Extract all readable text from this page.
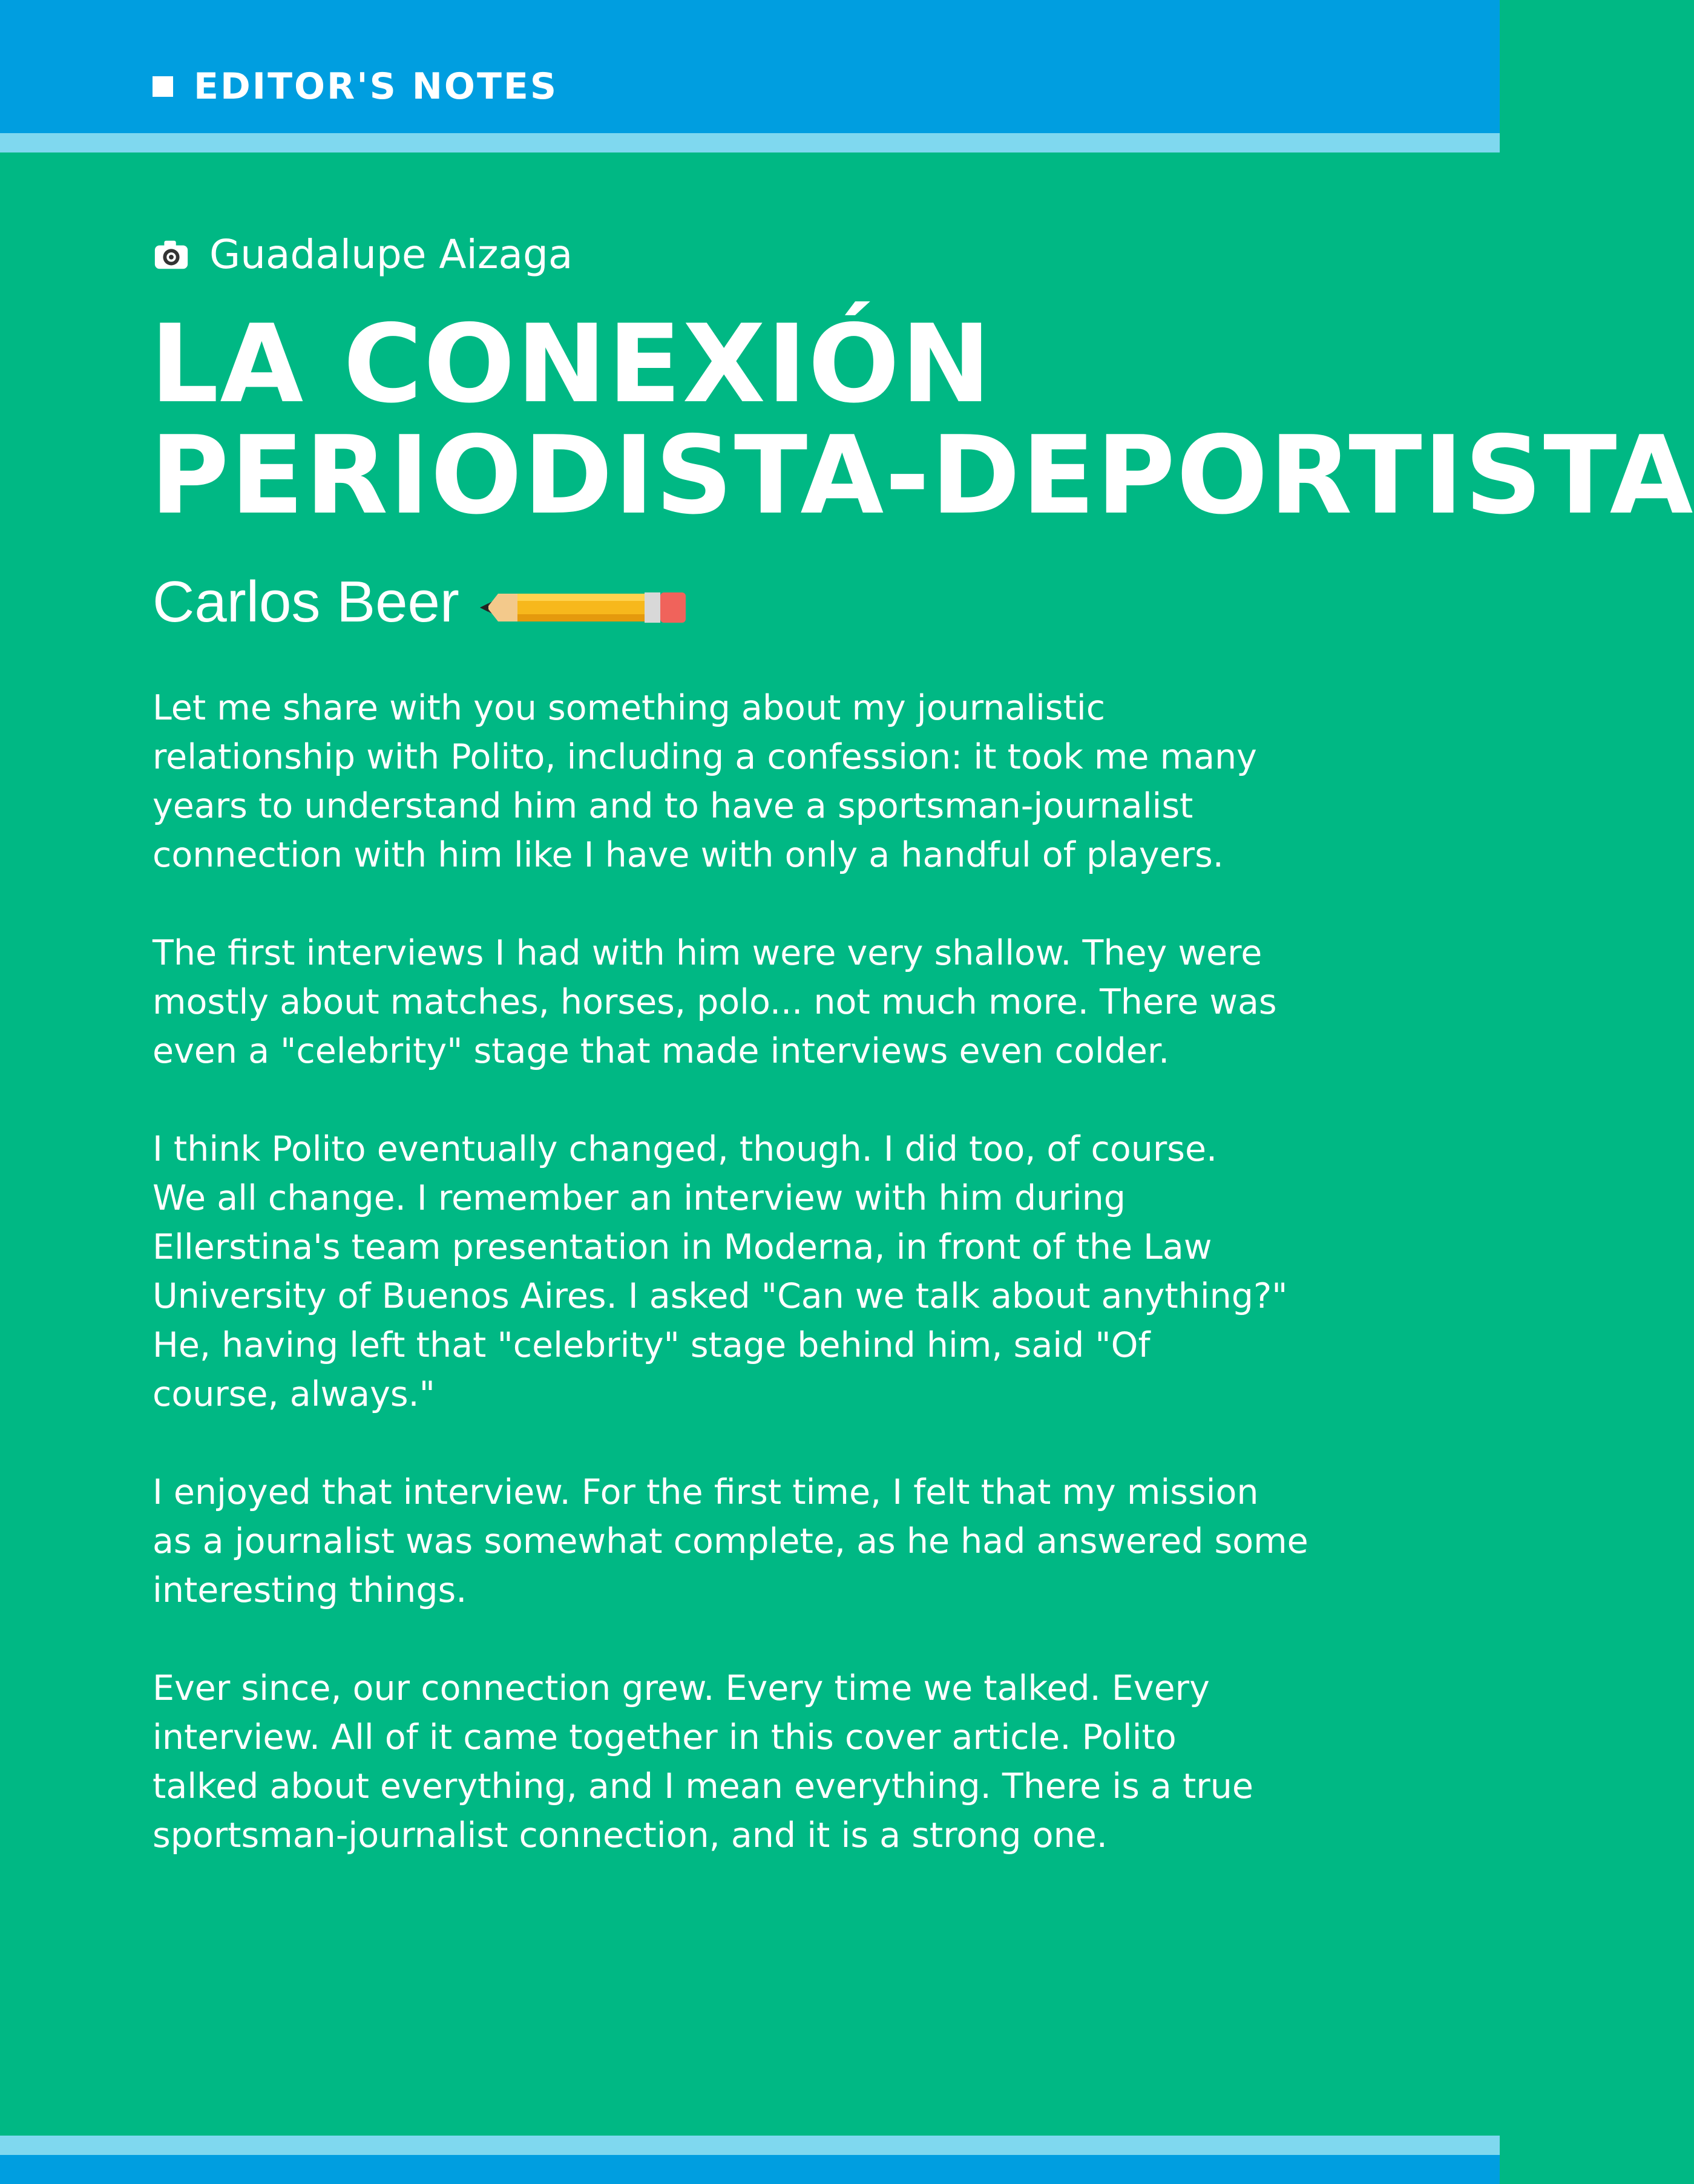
EDITOR'S NOTES
Guadalupe Aizaga
LA CONEXIÓN
PERIODISTA-DEPORTISTA
Carlos Beer

Let me share with you something about my journalistic
relationship with Polito, including a confession: it took me many
years to understand him and to have a sportsman-journalist
connection with him like I have with only a handful of players.

The first interviews I had with him were very shallow. They were
mostly about matches, horses, polo... not much more. There was
even a "celebrity" stage that made interviews even colder.

I think Polito eventually changed, though. I did too, of course.
We all change. I remember an interview with him during
Ellerstina's team presentation in Moderna, in front of the Law
University of Buenos Aires. I asked "Can we talk about anything?"
He, having left that "celebrity" stage behind him, said "Of
course, always."

I enjoyed that interview. For the first time, I felt that my mission
as a journalist was somewhat complete, as he had answered some
interesting things.

Ever since, our connection grew. Every time we talked. Every
interview. All of it came together in this cover article. Polito
talked about everything, and I mean everything. There is a true
sportsman-journalist connection, and it is a strong one.
